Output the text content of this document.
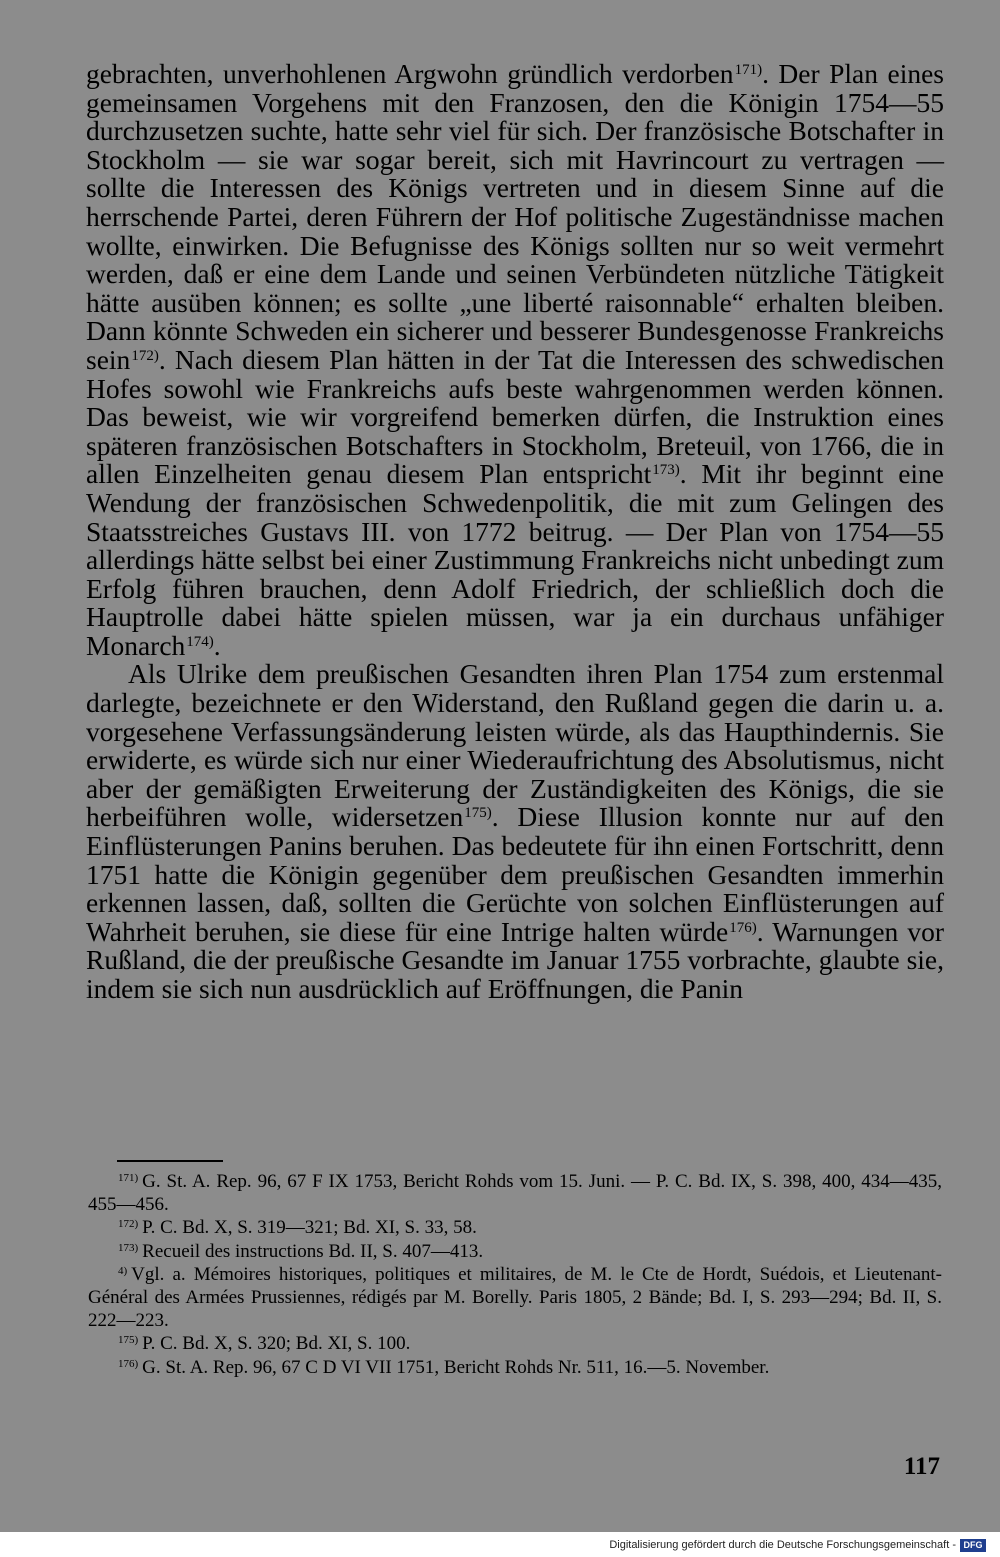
gebrachten, unverhohlenen Argwohn gründlich verdorben$^{171)}$. Der Plan eines gemeinsamen Vorgehens mit den Franzosen, den die Königin 1754—55 durchzusetzen suchte, hatte sehr viel für sich. Der französische Botschafter in Stockholm — sie war sogar bereit, sich mit Havrincourt zu vertragen — sollte die Interessen des Königs vertreten und in diesem Sinne auf die herrschende Partei, deren Führern der Hof politische Zugeständnisse machen wollte, einwirken. Die Befugnisse des Königs sollten nur so weit vermehrt werden, daß er eine dem Lande und seinen Verbündeten nützliche Tätigkeit hätte ausüben können; es sollte „une liberté raisonnable“ erhalten bleiben. Dann könnte Schweden ein sicherer und besserer Bundesgenosse Frankreichs sein$^{172)}$. Nach diesem Plan hätten in der Tat die Interessen des schwedischen Hofes sowohl wie Frankreichs aufs beste wahrgenommen werden können. Das beweist, wie wir vorgreifend bemerken dürfen, die Instruktion eines späteren französischen Botschafters in Stockholm, Breteuil, von 1766, die in allen Einzelheiten genau diesem Plan entspricht$^{173)}$. Mit ihr beginnt eine Wendung der französischen Schwedenpolitik, die mit zum Gelingen des Staatsstreiches Gustavs III. von 1772 beitrug. — Der Plan von 1754—55 allerdings hätte selbst bei einer Zustimmung Frankreichs nicht unbedingt zum Erfolg führen brauchen, denn Adolf Friedrich, der schließlich doch die Hauptrolle dabei hätte spielen müssen, war ja ein durchaus unfähiger Monarch$^{174)}$.

Als Ulrike dem preußischen Gesandten ihren Plan 1754 zum erstenmal darlegte, bezeichnete er den Widerstand, den Rußland gegen die darin u. a. vorgesehene Verfassungsänderung leisten würde, als das Haupthindernis. Sie erwiderte, es würde sich nur einer Wiederaufrichtung des Absolutismus, nicht aber der gemäßigten Erweiterung der Zuständigkeiten des Königs, die sie herbeiführen wolle, widersetzen$^{175)}$. Diese Illusion konnte nur auf den Einflüsterungen Panins beruhen. Das bedeutete für ihn einen Fortschritt, denn 1751 hatte die Königin gegenüber dem preußischen Gesandten immerhin erkennen lassen, daß, sollten die Gerüchte von solchen Einflüsterungen auf Wahrheit beruhen, sie diese für eine Intrige halten würde$^{176)}$. Warnungen vor Rußland, die der preußische Gesandte im Januar 1755 vorbrachte, glaubte sie, indem sie sich nun ausdrücklich auf Eröffnungen, die Panin

$^{171)}$ G. St. A. Rep. 96, 67 F IX 1753, Bericht Rohds vom 15. Juni. — P. C. Bd. IX, S. 398, 400, 434—435, 455—456.

$^{172)}$ P. C. Bd. X, S. 319—321; Bd. XI, S. 33, 58.

$^{173)}$ Recueil des instructions Bd. II, S. 407—413.

$^{4)}$ Vgl. a. Mémoires historiques, politiques et militaires, de M. le Cte de Hordt, Suédois, et Lieutenant-Général des Armées Prussiennes, rédigés par M. Borelly. Paris 1805, 2 Bände; Bd. I, S. 293—294; Bd. II, S. 222—223.

$^{175)}$ P. C. Bd. X, S. 320; Bd. XI, S. 100.

$^{176)}$ G. St. A. Rep. 96, 67 C D VI VII 1751, Bericht Rohds Nr. 511, 16.—5. November.

117
Digitalisierung gefördert durch die Deutsche Forschungsgemeinschaft - DFG
